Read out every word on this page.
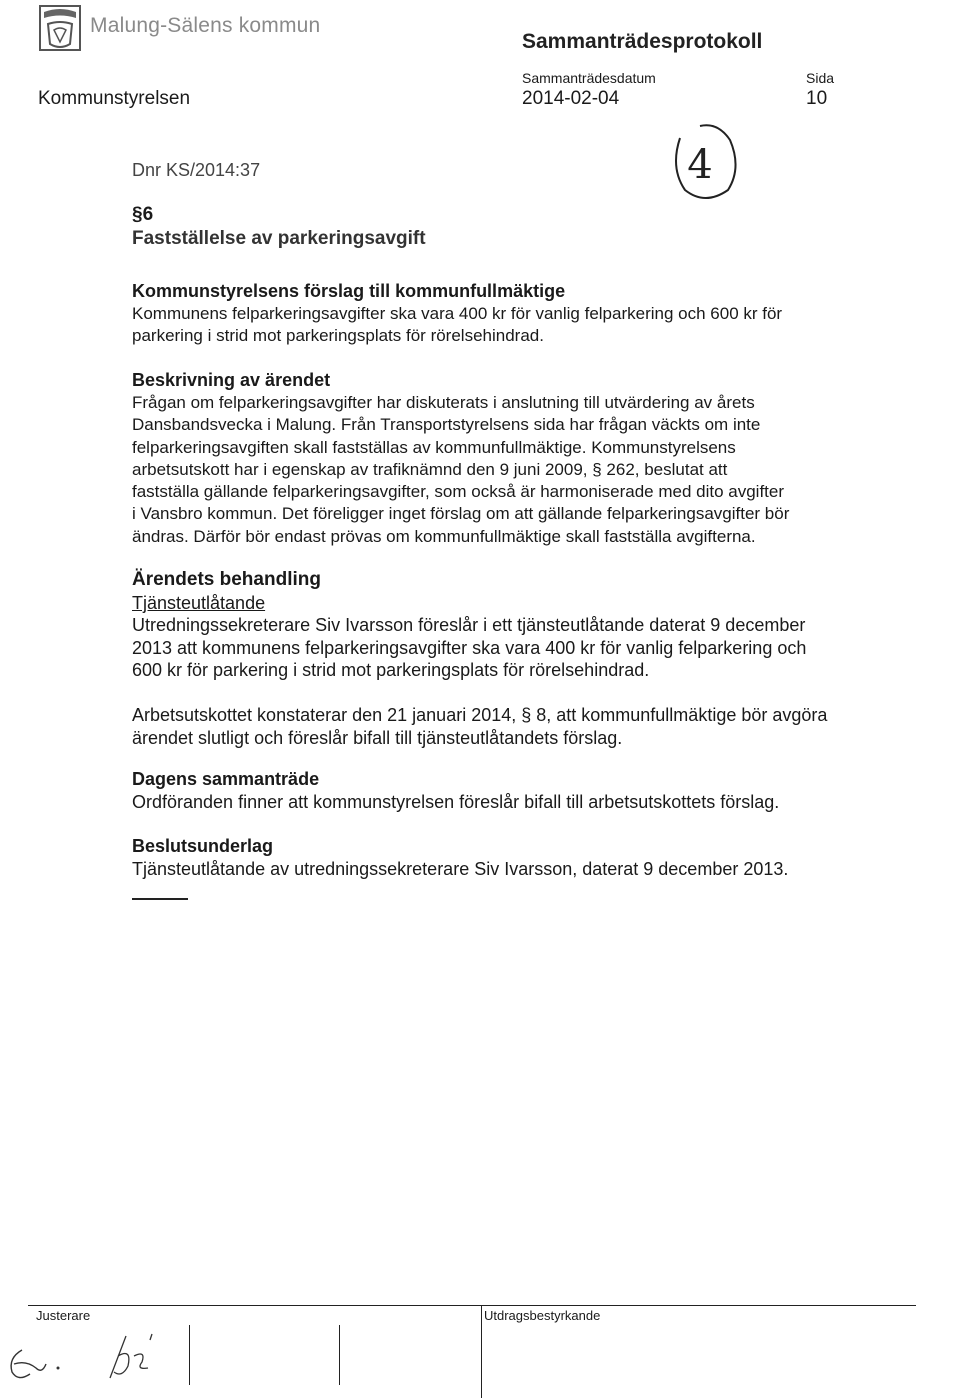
Malung-Sälens kommun
Sammanträdesprotokoll
Kommunstyrelsen
Sammanträdesdatum
2014-02-04
Sida
10
4
Dnr KS/2014:37
§6
Fastställelse av parkeringsavgift
Kommunstyrelsens förslag till kommunfullmäktige
Kommunens felparkeringsavgifter ska vara 400 kr för vanlig felparkering och 600 kr för
parkering i strid mot parkeringsplats för rörelsehindrad.
Beskrivning av ärendet
Frågan om felparkeringsavgifter har diskuterats i anslutning till utvärdering av årets
Dansbandsvecka i Malung. Från Transportstyrelsens sida har frågan väckts om inte
felparkeringsavgiften skall fastställas av kommunfullmäktige. Kommunstyrelsens
arbetsutskott har i egenskap av trafiknämnd den 9 juni 2009, § 262, beslutat att
fastställa gällande felparkeringsavgifter, som också är harmoniserade med dito avgifter
i Vansbro kommun. Det föreligger inget förslag om att gällande felparkeringsavgifter bör
ändras. Därför bör endast prövas om kommunfullmäktige skall fastställa avgifterna.
Ärendets behandling
Tjänsteutlåtande
Utredningssekreterare Siv Ivarsson föreslår i ett tjänsteutlåtande daterat 9 december
2013 att kommunens felparkeringsavgifter ska vara 400 kr för vanlig felparkering och
600 kr för parkering i strid mot parkeringsplats för rörelsehindrad.
Arbetsutskottet konstaterar den 21 januari 2014, § 8, att kommunfullmäktige bör avgöra
ärendet slutligt och föreslår bifall till tjänsteutlåtandets förslag.
Dagens sammanträde
Ordföranden finner att kommunstyrelsen föreslår bifall till arbetsutskottets förslag.
Beslutsunderlag
Tjänsteutlåtande av utredningssekreterare Siv Ivarsson, daterat 9 december 2013.
Justerare	Utdragsbestyrkande
